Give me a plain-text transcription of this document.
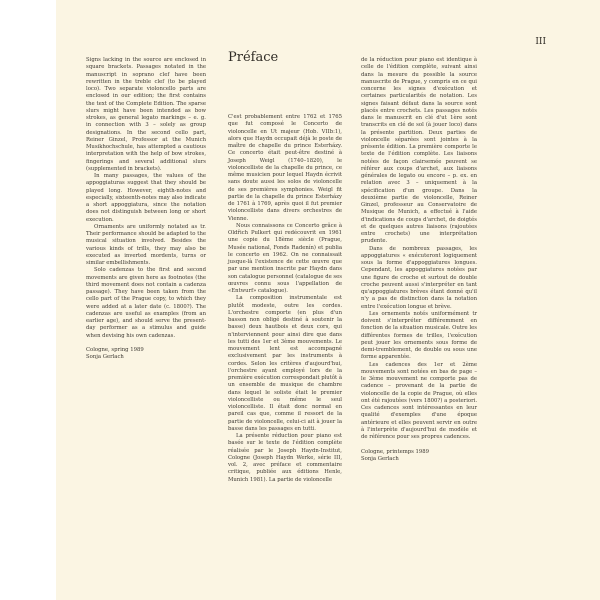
III

Signs lacking in the source are enclosed in square brackets. Passages notated in the manuscript in soprano clef have been rewritten in the treble clef (to be played loco). Two separate violoncello parts are enclosed in our edition; the first contains the text of the Complete Edition. The sparse slurs might have been intended as bow strokes, as general legato markings – e. g. in connection with 3 – solely as group designations. In the second cello part, Reiner Ginzel, Professor at the Munich Musikhochschule, has attempted a cautious interpretation with the help of bow strokes, fingerings and several additional slurs (supplemented in brackets).

In many passages, the values of the appoggiaturas suggest that they should be played long. However, eighth-notes and especially, sixteenth-notes may also indicate a short appoggiatura, since the notation does not distinguish between long or short execution.

Ornaments are uniformly notated as tr. Their performance should be adapted to the musical situation involved. Besides the various kinds of trills, they may also be executed as inverted mordents, turns or similar embellishments.

Solo cadenzas to the first and second movements are given here as footnotes (the third movement does not contain a cadenza passage). They have been taken from the cello part of the Prague copy, to which they were added at a later date (c. 1800?). The cadenzas are useful as examples (from an earlier age), and should serve the present-day performer as a stimulus and guide when devising his own cadenzas.

Cologne, spring 1989

Sonja Gerlach

Préface

C'est probablement entre 1762 et 1765 que fut composé le Concerto de violoncelle en Ut majeur (Hob. VIIb:1), alors que Haydn occupait déjà le poste de maître de chapelle du prince Esterházy. Ce concerto était peut-être destiné à Joseph Weigl (1740–1820), le violoncelliste de la chapelle du prince, ce même musicien pour lequel Haydn écrivit sans doute aussi les solos de violoncelle de ses premières symphonies. Weigl fit partie de la chapelle du prince Esterházy de 1761 à 1769, après quoi il fut premier violoncelliste dans divers orchestres de Vienne.

Nous connaissons ce Concerto grâce à Oldřich Pulkert qui redécouvrit en 1961 une copie du 18ème siècle (Prague, Musée national, Fonds Radenín) et publia le concerto en 1962. On ne connaissait jusque-là l'existence de cette œuvre que par une mention inscrite par Haydn dans son catalogue personnel (catalogue de ses œuvres connu sous l'appellation de «Entwurf» catalogue).

La composition instrumentale est plutôt modeste, outre les cordes. L'orchestre comporte (en plus d'un basson non obligé destiné à soutenir la basse) deux hautbois et deux cors, qui n'interviennent pour ainsi dire que dans les tutti des 1er et 3ème mouvements. Le mouvement lent est accompagné exclusivement par les instruments à cordes. Selon les critères d'aujourd'hui, l'orchestre ayant employé lors de la première exécution correspondait plutôt à un ensemble de musique de chambre dans lequel le soliste était le premier violoncelliste ou même le seul violoncelliste. Il était donc normal en pareil cas que, comme il ressort de la partie de violoncelle, celui-ci ait à jouer la basse dans les passages en tutti.

La présente réduction pour piano est basée sur le texte de l'édition complète réalisée par le Joseph Haydn-Institut, Cologne (Joseph Haydn Werke, série III, vol. 2, avec préface et commentaire critique, publiée aux éditions Henle, Munich 1981). La partie de violoncelle

de la réduction pour piano est identique à celle de l'édition complète, suivant ainsi dans la mesure du possible la source manuscrite de Prague, y compris en ce qui concerne les signes d'exécution et certaines particularités de notation. Les signes faisant défaut dans la source sont placés entre crochets. Les passages notés dans le manuscrit en clé d'ut 1ère sont transcrits en clé de sol (à jouer loco) dans la présente partition. Deux parties de violoncelle séparées sont jointes à la présente édition. La première comporte le texte de l'édition complète. Les liaisons notées de façon clairsemée peuvent se référer aux coups d'archet, aux liaisons générales de legato ou encore – p. ex. en relation avec 3 – uniquement à la spécification d'un groupe. Dans la deuxième partie de violoncelle, Reiner Ginzel, professeur au Conservatoire de Musique de Munich, a effectué à l'aide d'indications de coups d'archet, de doigtés et de quelques autres liaisons (rajoutées entre crochets) une interprétation prudente.

Dans de nombreux passages, les appoggiatures « exécuteront logiquement sous la forme d'appoggiatures longues. Cependant, les appoggiatures notées par une figure de croche et surtout de double croche peuvent aussi s'interpréter en tant qu'appoggiatures brèves étant donné qu'il n'y a pas de distinction dans la notation entre l'exécution longue et brève.

Les ornements notés uniformément tr doivent s'interpréter différemment en fonction de la situation musicale. Outre les différentes formes de trilles, l'exécution peut jouer les ornements sous forme de demi-tremblement, de double ou sous une forme apparentée.

Les cadences des 1er et 2ème mouvements sont notées en bas de page – le 3ème mouvement ne comporte pas de cadence – provenant de la partie de violoncelle de la copie de Prague, où elles ont été rajoutées (vers 1800?) a posteriori. Ces cadences sont intéressantes en leur qualité d'exemples d'une époque antérieure et elles peuvent servir en outre à l'interprète d'aujourd'hui de modèle et de référence pour ses propres cadences.

Cologne, printemps 1989

Sonja Gerlach
